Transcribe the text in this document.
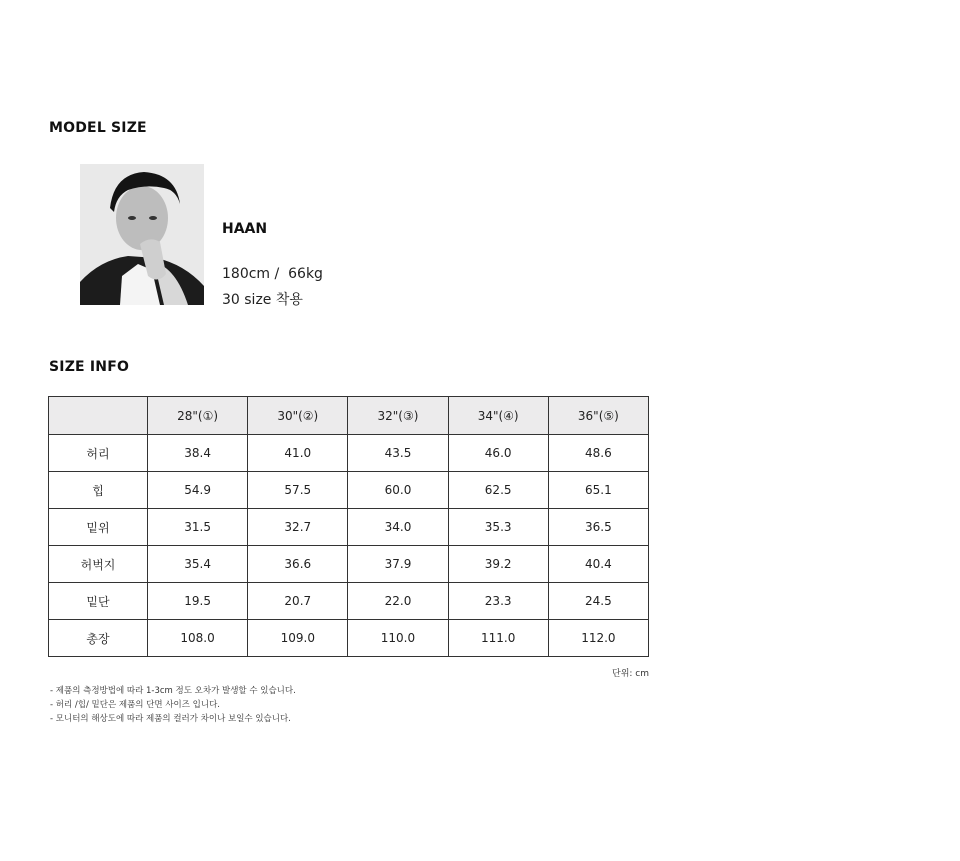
MODEL SIZE
HAAN
180cm /  66kg
30 size 착용
SIZE INFO
	28"(①)	30"(②)	32"(③)	34"(④)	36"(⑤)
허리	38.4	41.0	43.5	46.0	48.6
힙	54.9	57.5	60.0	62.5	65.1
밑위	31.5	32.7	34.0	35.3	36.5
허벅지	35.4	36.6	37.9	39.2	40.4
밑단	19.5	20.7	22.0	23.3	24.5
총장	108.0	109.0	110.0	111.0	112.0
단위: cm
- 제품의 측정방법에 따라 1-3cm 정도 오차가 발생할 수 있습니다.
- 허리 /힙/ 밑단은 제품의 단면 사이즈 입니다.
- 모니터의 해상도에 따라 제품의 컬러가 차이나 보일수 있습니다.
